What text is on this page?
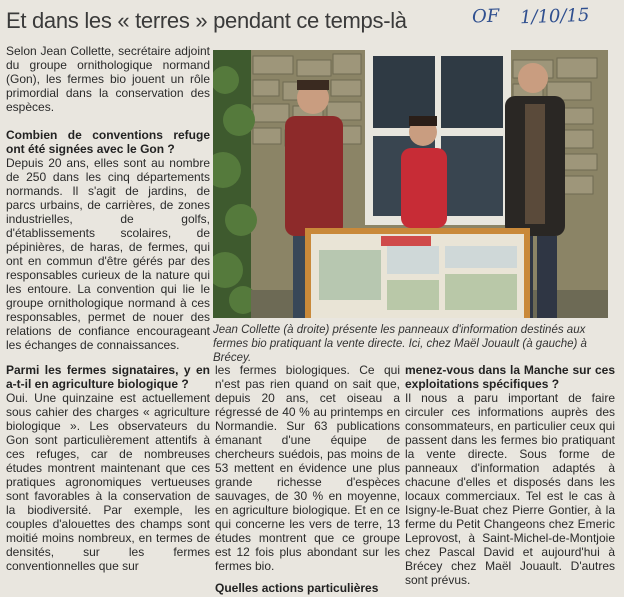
Et dans les « terres » pendant ce temps-là	OF 1/10/15

Selon Jean Collette, secrétaire adjoint du groupe ornithologique normand (Gon), les fermes bio jouent un rôle primordial dans la conservation des espèces.

Combien de conventions refuge ont été signées avec le Gon ?

Depuis 20 ans, elles sont au nombre de 250 dans les cinq départements normands. Il s'agit de jardins, de parcs urbains, de carrières, de zones industrielles, de golfs, d'établissements scolaires, de pépinières, de haras, de fermes, qui ont en commun d'être gérés par des responsables curieux de la nature qui les entoure. La convention qui lie le groupe ornithologique normand à ces responsables, permet de nouer des relations de confiance encourageant les échanges de connaissances.

Jean Collette (à droite) présente les panneaux d'information destinés aux fermes bio pratiquant la vente directe. Ici, chez Maël Jouault (à gauche) à Brécey.
Parmi les fermes signataires, y en a-t-il en agriculture biologique ?

Oui. Une quinzaine est actuellement sous cahier des charges « agriculture biologique ». Les observateurs du Gon sont particulièrement attentifs à ces refuges, car de nombreuses études montrent maintenant que ces pratiques agronomiques vertueuses sont favorables à la conservation de la biodiversité. Par exemple, les couples d'alouettes des champs sont moitié moins nombreux, en termes de densités, sur les fermes conventionnelles que sur

les fermes biologiques. Ce qui n'est pas rien quand on sait que, depuis 20 ans, cet oiseau a régressé de 40 % au printemps en Normandie. Sur 63 publications émanant d'une équipe de chercheurs suédois, pas moins de 53 mettent en évidence une plus grande richesse d'espèces sauvages, de 30 % en moyenne, en agriculture biologique. Et en ce qui concerne les vers de terre, 13 études montrent que ce groupe est 12 fois plus abondant sur les fermes bio.

Quelles actions particulières
menez-vous dans la Manche sur ces exploitations spécifiques ?

Il nous a paru important de faire circuler ces informations auprès des consommateurs, en particulier ceux qui passent dans les fermes bio pratiquant la vente directe. Sous forme de panneaux d'information adaptés à chacune d'elles et disposés dans les locaux commerciaux. Tel est le cas à Isigny-le-Buat chez Pierre Gontier, à la ferme du Petit Changeons chez Emeric Leprovost, à Saint-Michel-de-Montjoie chez Pascal David et aujourd'hui à Brécey chez Maël Jouault. D'autres sont prévus.
